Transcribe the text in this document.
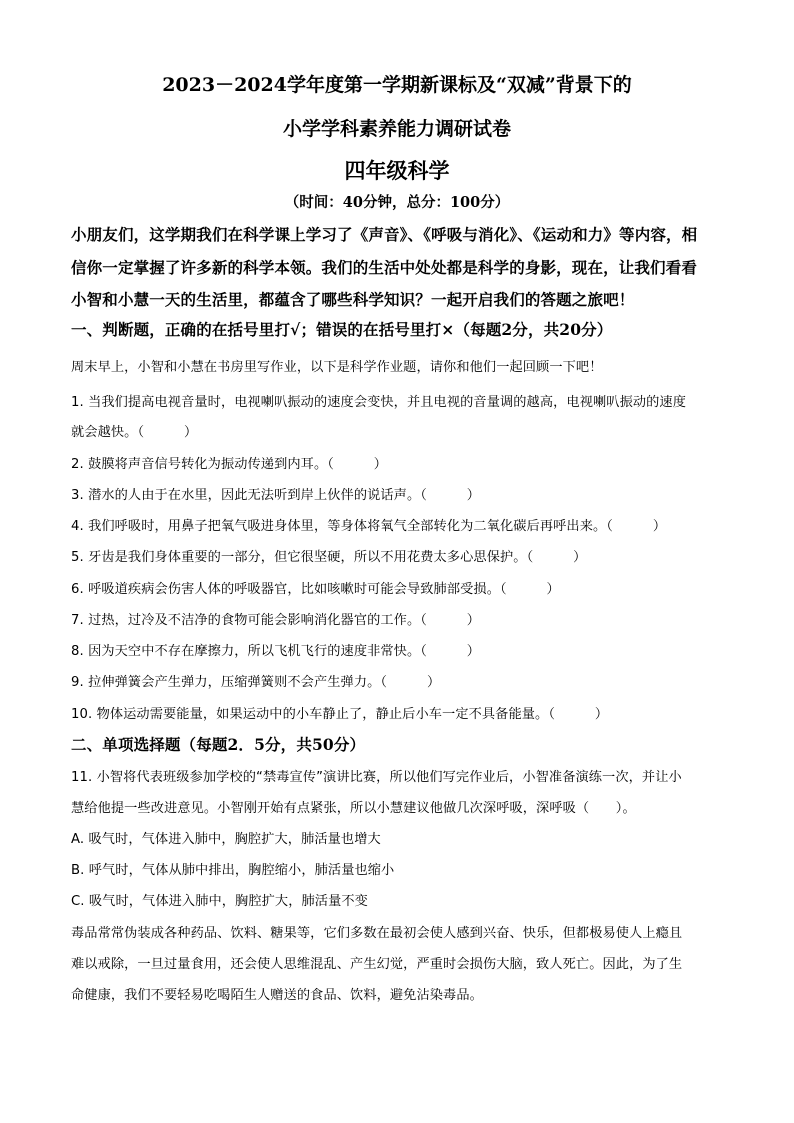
2023－2024学年度第一学期新课标及“双减”背景下的
小学学科素养能力调研试卷
四年级科学
（时间：40分钟，总分：100分）
小朋友们，这学期我们在科学课上学习了《声音》、《呼吸与消化》、《运动和力》等内容，相
信你一定掌握了许多新的科学本领。我们的生活中处处都是科学的身影，现在，让我们看看
小智和小慧一天的生活里，都蕴含了哪些科学知识？一起开启我们的答题之旅吧！
一、判断题，正确的在括号里打√；错误的在括号里打×（每题2分，共20分）
周末早上，小智和小慧在书房里写作业，以下是科学作业题，请你和他们一起回顾一下吧！
1. 当我们提高电视音量时，电视喇叭振动的速度会变快，并且电视的音量调的越高，电视喇叭振动的速度
就会越快。（　　　）
2. 鼓膜将声音信号转化为振动传递到内耳。（　　　）
3. 潜水的人由于在水里，因此无法听到岸上伙伴的说话声。（　　　）
4. 我们呼吸时，用鼻子把氧气吸进身体里，等身体将氧气全部转化为二氧化碳后再呼出来。（　　　）
5. 牙齿是我们身体重要的一部分，但它很坚硬，所以不用花费太多心思保护。（　　　）
6. 呼吸道疾病会伤害人体的呼吸器官，比如咳嗽时可能会导致肺部受损。（　　　）
7. 过热，过冷及不洁净的食物可能会影响消化器官的工作。（　　　）
8. 因为天空中不存在摩擦力，所以飞机飞行的速度非常快。（　　　）
9. 拉伸弹簧会产生弹力，压缩弹簧则不会产生弹力。（　　　）
10. 物体运动需要能量，如果运动中的小车静止了，静止后小车一定不具备能量。（　　　）
二、单项选择题（每题2．5分，共50分）
11. 小智将代表班级参加学校的“禁毒宣传”演讲比赛，所以他们写完作业后，小智准备演练一次，并让小
慧给他提一些改进意见。小智刚开始有点紧张，所以小慧建议他做几次深呼吸，深呼吸（　　）。
A. 吸气时，气体进入肺中，胸腔扩大，肺活量也增大
B. 呼气时，气体从肺中排出，胸腔缩小，肺活量也缩小
C. 吸气时，气体进入肺中，胸腔扩大，肺活量不变
毒品常常伪装成各种药品、饮料、糖果等，它们多数在最初会使人感到兴奋、快乐，但都极易使人上瘾且
难以戒除，一旦过量食用，还会使人思维混乱、产生幻觉，严重时会损伤大脑，致人死亡。因此，为了生
命健康，我们不要轻易吃喝陌生人赠送的食品、饮料，避免沾染毒品。
